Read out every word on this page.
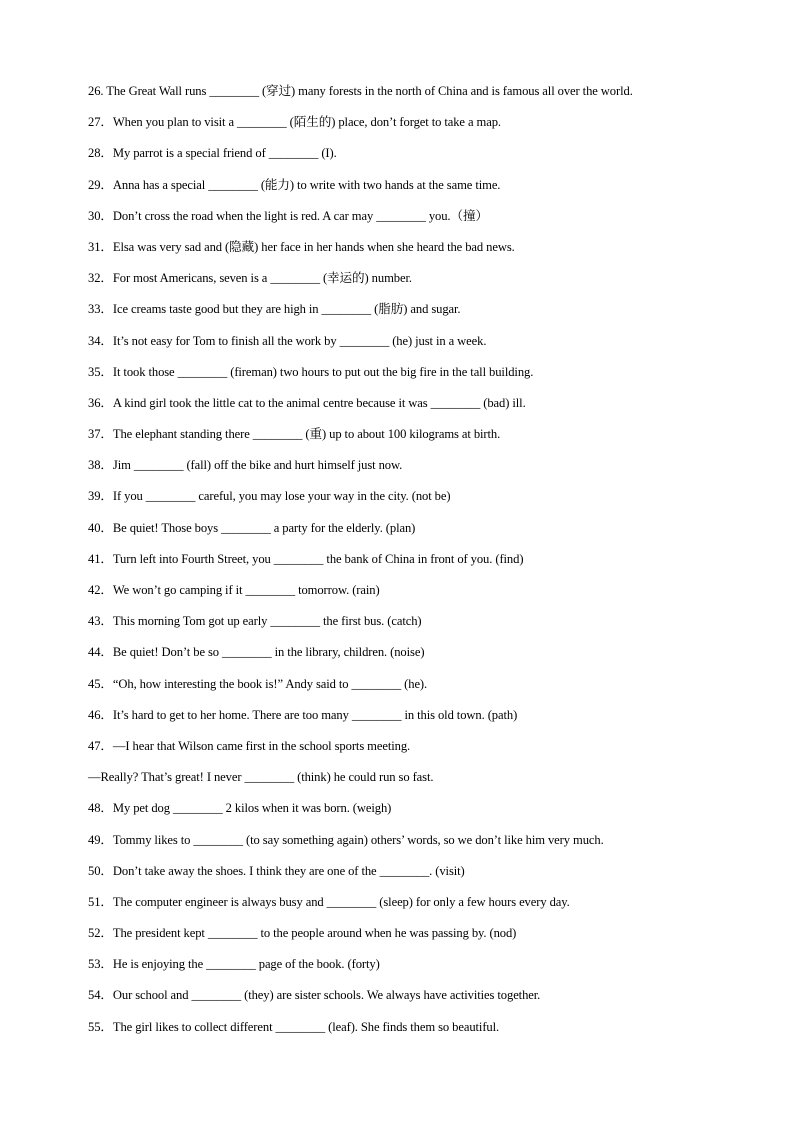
26. The Great Wall runs ________ (穿过) many forests in the north of China and is famous all over the world.
27．When you plan to visit a ________ (陌生的) place, don’t forget to take a map.
28．My parrot is a special friend of ________ (I).
29．Anna has a special ________ (能力) to write with two hands at the same time.
30．Don’t cross the road when the light is red. A car may ________ you.（撞）
31．Elsa was very sad and (隐藏) her face in her hands when she heard the bad news.
32．For most Americans, seven is a ________ (幸运的) number.
33．Ice creams taste good but they are high in ________ (脂肪) and sugar.
34．It’s not easy for Tom to finish all the work by ________ (he) just in a week.
35．It took those ________ (fireman) two hours to put out the big fire in the tall building.
36．A kind girl took the little cat to the animal centre because it was ________ (bad) ill.
37．The elephant standing there ________ (重) up to about 100 kilograms at birth.
38．Jim ________ (fall) off the bike and hurt himself just now.
39．If you ________ careful, you may lose your way in the city. (not be)
40．Be quiet! Those boys ________ a party for the elderly. (plan)
41．Turn left into Fourth Street, you ________ the bank of China in front of you. (find)
42．We won’t go camping if it ________ tomorrow. (rain)
43．This morning Tom got up early ________ the first bus. (catch)
44．Be quiet! Don’t be so ________ in the library, children. (noise)
45．“Oh, how interesting the book is!” Andy said to ________ (he).
46．It’s hard to get to her home. There are too many ________ in this old town. (path)
47．—I hear that Wilson came first in the school sports meeting.
—Really? That’s great! I never ________ (think) he could run so fast.
48．My pet dog ________ 2 kilos when it was born. (weigh)
49．Tommy likes to ________ (to say something again) others’ words, so we don’t like him very much.
50．Don’t take away the shoes. I think they are one of the ________. (visit)
51．The computer engineer is always busy and ________ (sleep) for only a few hours every day.
52．The president kept ________ to the people around when he was passing by. (nod)
53．He is enjoying the ________ page of the book. (forty)
54．Our school and ________ (they) are sister schools. We always have activities together.
55．The girl likes to collect different ________ (leaf). She finds them so beautiful.
